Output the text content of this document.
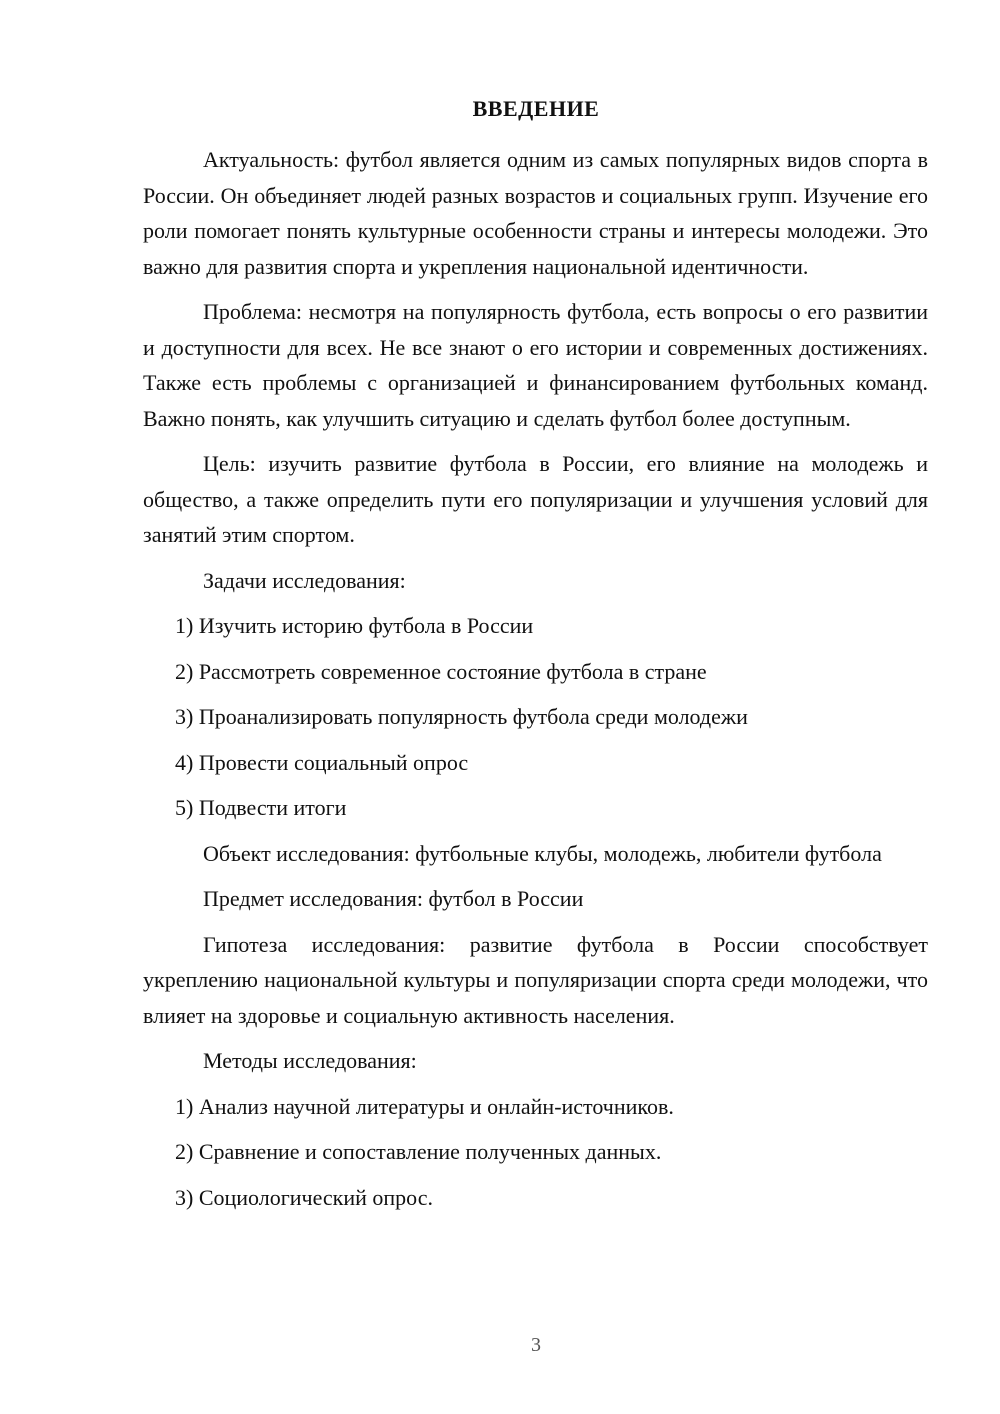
ВВЕДЕНИЕ

Актуальность: футбол является одним из самых популярных видов спорта в России. Он объединяет людей разных возрастов и социальных групп. Изучение его роли помогает понять культурные особенности страны и интересы молодежи. Это важно для развития спорта и укрепления национальной идентичности.

Проблема: несмотря на популярность футбола, есть вопросы о его развитии и доступности для всех. Не все знают о его истории и современных достижениях. Также есть проблемы с организацией и финансированием футбольных команд. Важно понять, как улучшить ситуацию и сделать футбол более доступным.

Цель: изучить развитие футбола в России, его влияние на молодежь и общество, а также определить пути его популяризации и улучшения условий для занятий этим спортом.

Задачи исследования:

1) Изучить историю футбола в России

2) Рассмотреть современное состояние футбола в стране

3) Проанализировать популярность футбола среди молодежи

4) Провести социальный опрос

5) Подвести итоги

Объект исследования: футбольные клубы, молодежь, любители футбола

Предмет исследования: футбол в России

Гипотеза исследования: развитие футбола в России способствует укреплению национальной культуры и популяризации спорта среди молодежи, что влияет на здоровье и социальную активность населения.

Методы исследования:

1) Анализ научной литературы и онлайн-источников.

2) Сравнение и сопоставление полученных данных.

3) Социологический опрос.

3
